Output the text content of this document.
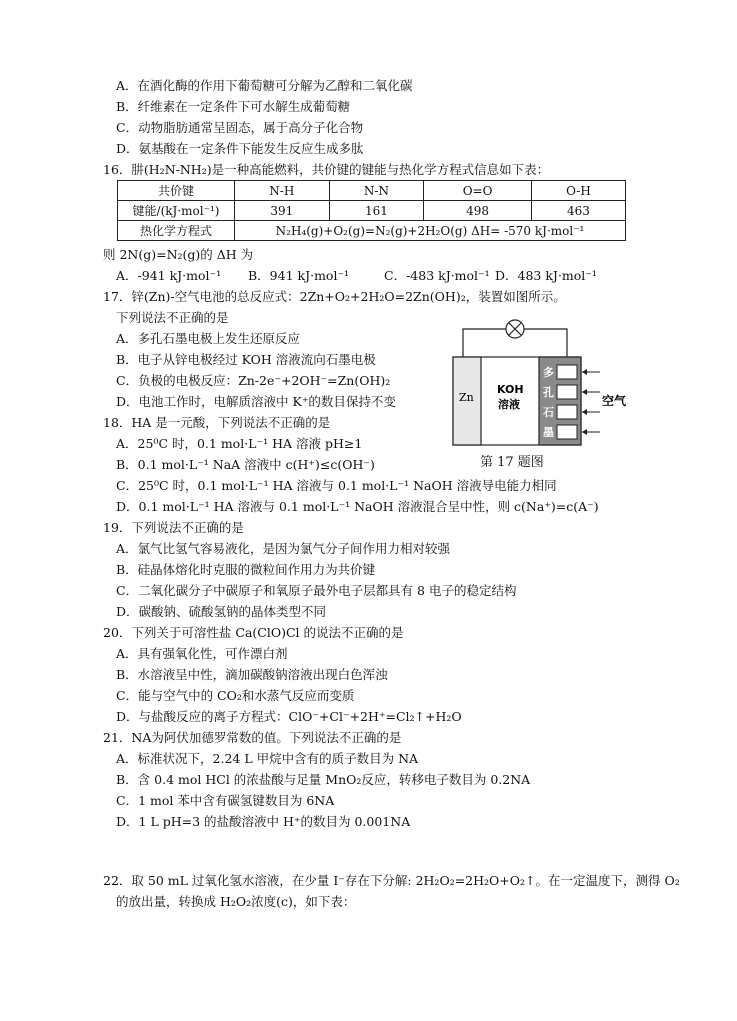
A．在酒化酶的作用下葡萄糖可分解为乙醇和二氧化碳
B．纤维素在一定条件下可水解生成葡萄糖
C．动物脂肪通常呈固态，属于高分子化合物
D．氨基酸在一定条件下能发生反应生成多肽
16．肼(H₂N-NH₂)是一种高能燃料，共价键的键能与热化学方程式信息如下表：
共价键	N-H	N-N	O=O	O-H
键能/(kJ·mol⁻¹)	391	161	498	463
热化学方程式	N₂H₄(g)+O₂(g)=N₂(g)+2H₂O(g) ΔH= -570 kJ·mol⁻¹			
则 2N(g)=N₂(g)的 ΔH 为
A．-941 kJ·mol⁻¹ B．941 kJ·mol⁻¹	C．-483 kJ·mol⁻¹ D．483 kJ·mol⁻¹
17．锌(Zn)-空气电池的总反应式：2Zn+O₂+2H₂O=2Zn(OH)₂，装置如图所示。
下列说法不正确的是
A．多孔石墨电极上发生还原反应
B．电子从锌电极经过 KOH 溶液流向石墨电极
C．负极的电极反应：Zn-2e⁻+2OH⁻=Zn(OH)₂
D．电池工作时，电解质溶液中 K⁺的数目保持不变	Zn
KOH
溶液
多
孔
石
墨
空气
第 17 题图
18．HA 是一元酸，下列说法不正确的是
A．25⁰C 时，0.1 mol·L⁻¹ HA 溶液 pH≥1
B．0.1 mol·L⁻¹ NaA 溶液中 c(H⁺)≤c(OH⁻)
C．25⁰C 时，0.1 mol·L⁻¹ HA 溶液与 0.1 mol·L⁻¹ NaOH 溶液导电能力相同
D．0.1 mol·L⁻¹ HA 溶液与 0.1 mol·L⁻¹ NaOH 溶液混合呈中性，则 c(Na⁺)=c(A⁻)
19．下列说法不正确的是
A．氯气比氢气容易液化，是因为氯气分子间作用力相对较强
B．硅晶体熔化时克服的微粒间作用力为共价键
C．二氧化碳分子中碳原子和氧原子最外电子层都具有 8 电子的稳定结构
D．碳酸钠、硫酸氢钠的晶体类型不同
20．下列关于可溶性盐 Ca(ClO)Cl 的说法不正确的是
A．具有强氧化性，可作漂白剂
B．水溶液呈中性，滴加碳酸钠溶液出现白色浑浊
C．能与空气中的 CO₂和水蒸气反应而变质
D．与盐酸反应的离子方程式：ClO⁻+Cl⁻+2H⁺=Cl₂↑+H₂O
21．NA为阿伏加德罗常数的值。下列说法不正确的是
A．标准状况下，2.24 L 甲烷中含有的质子数目为 NA
B．含 0.4 mol HCl 的浓盐酸与足量 MnO₂反应，转移电子数目为 0.2NA
C．1 mol 苯中含有碳氢键数目为 6NA
D．1 L pH=3 的盐酸溶液中 H⁺的数目为 0.001NA
22．取 50 mL 过氧化氢水溶液，在少量 I⁻存在下分解: 2H₂O₂=2H₂O+O₂↑。在一定温度下，测得 O₂
的放出量，转换成 H₂O₂浓度(c)，如下表：
